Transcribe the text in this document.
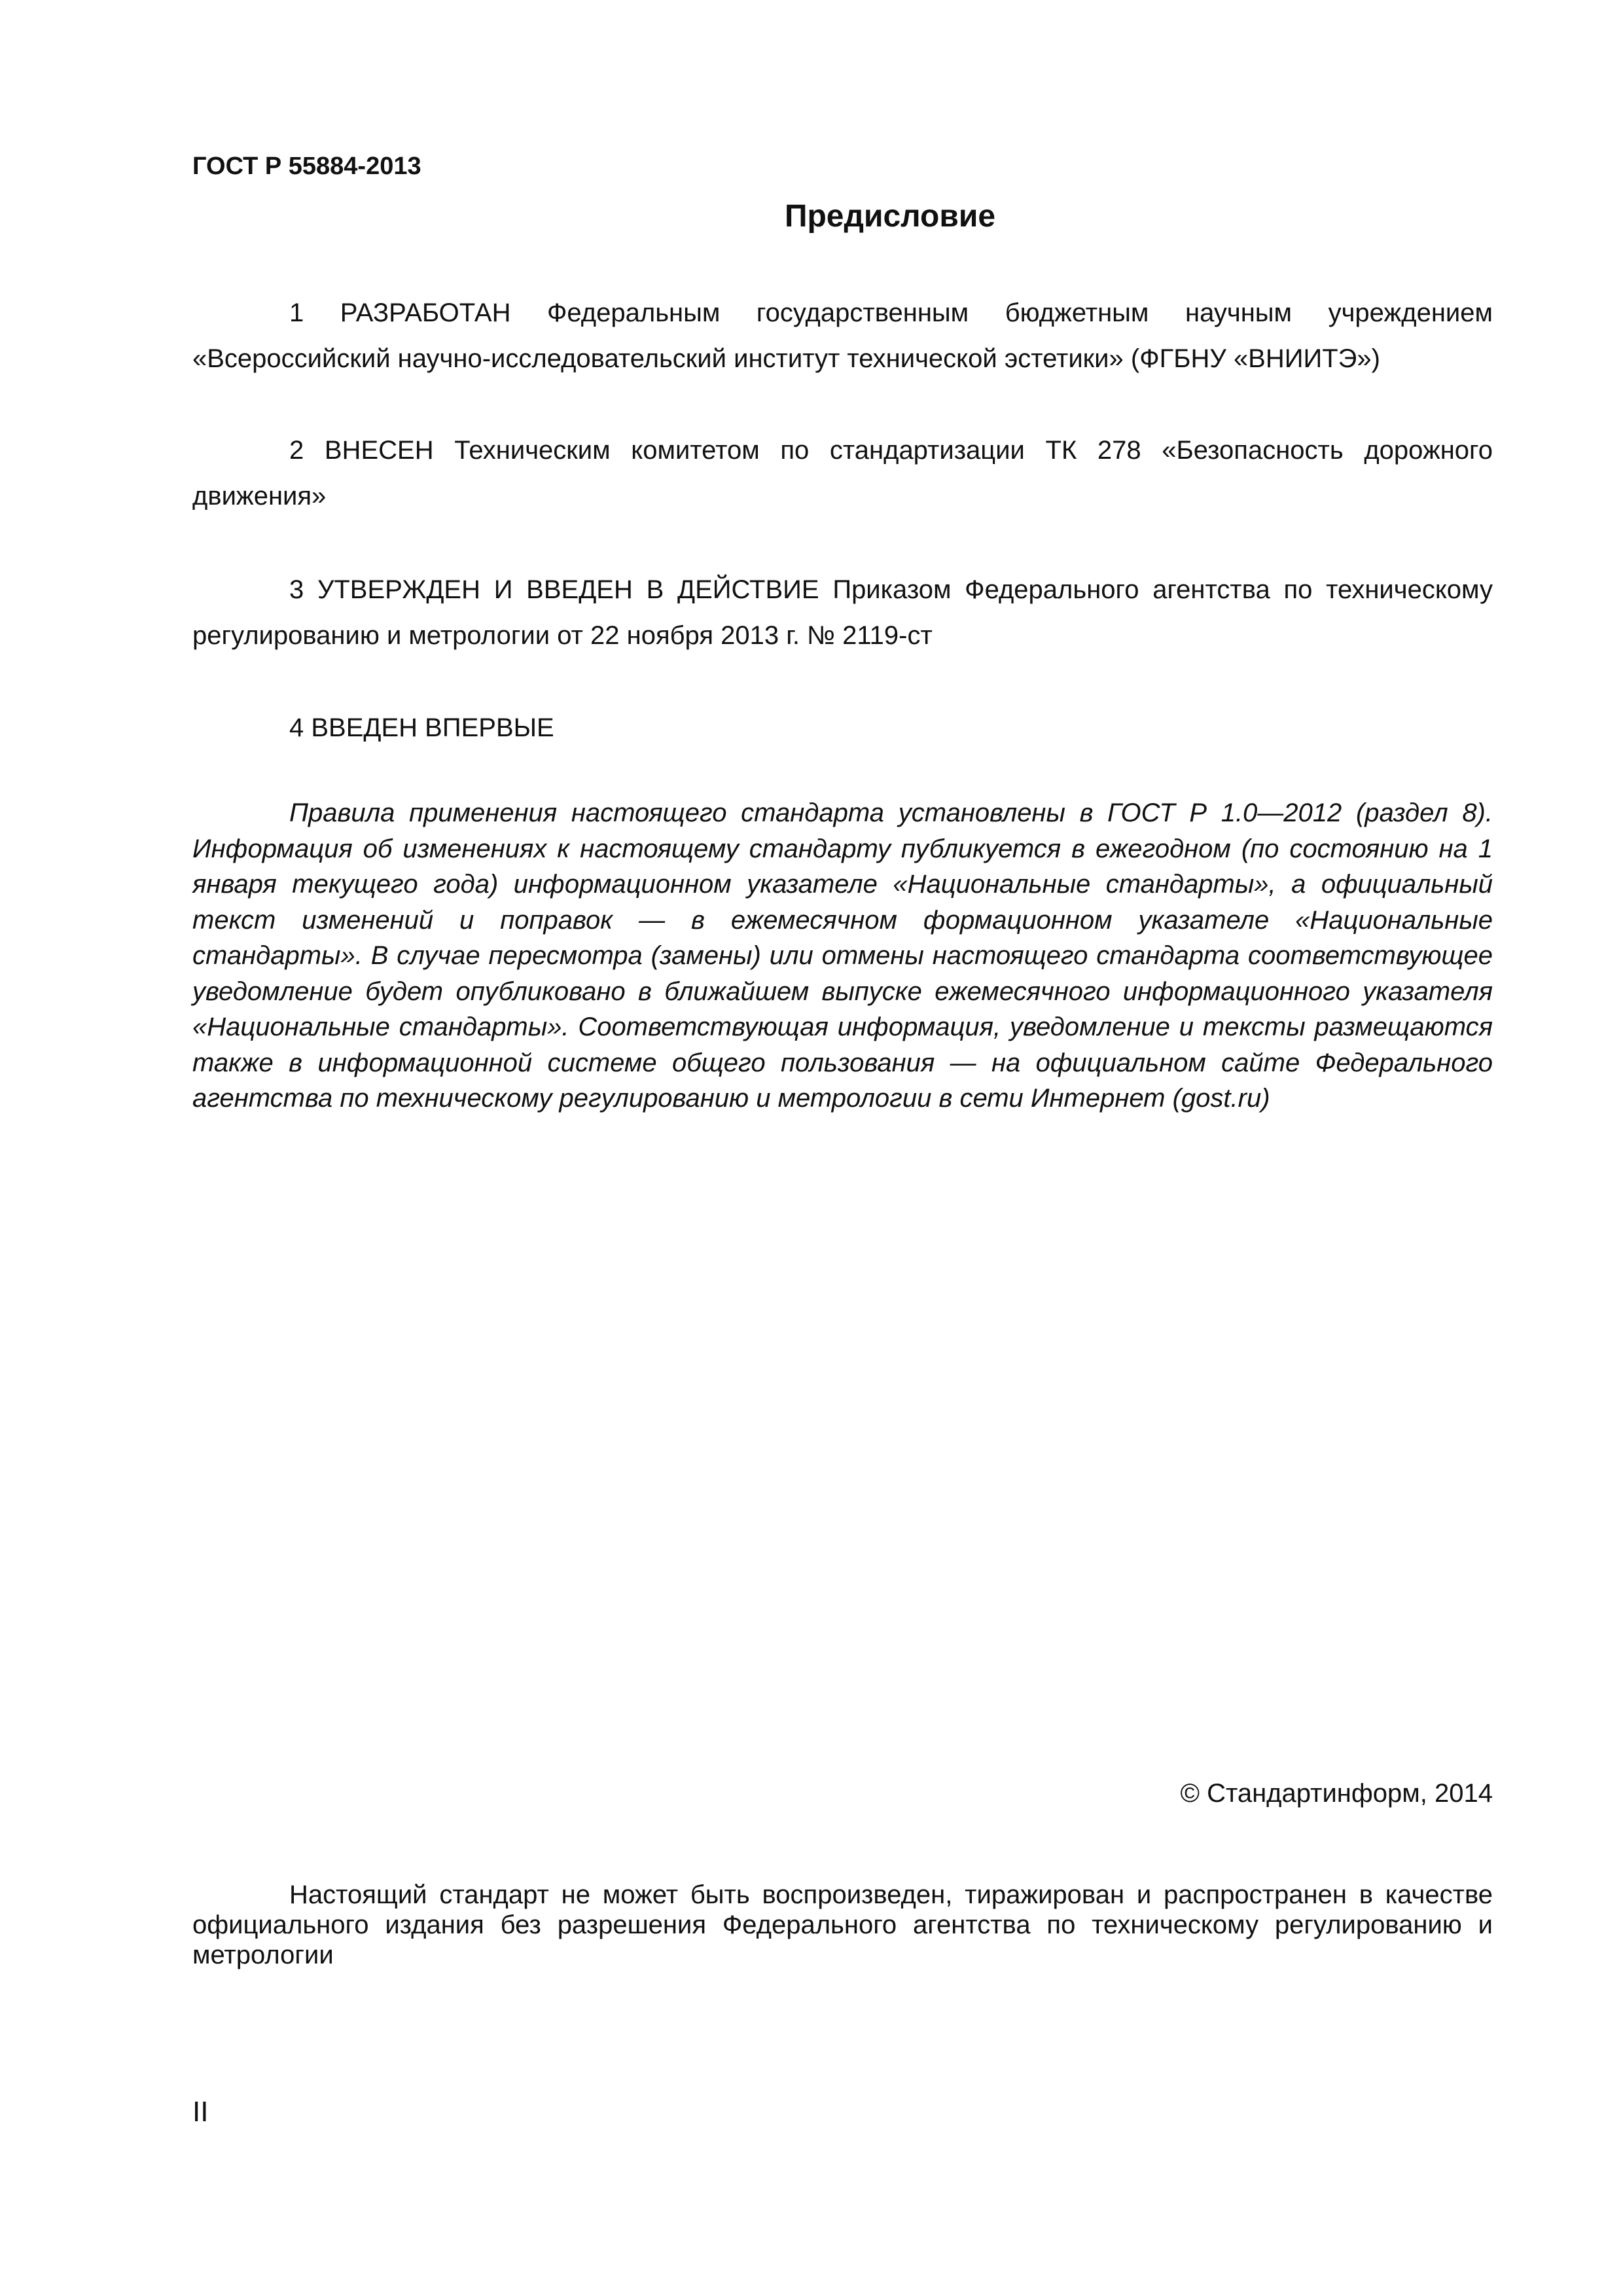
ГОСТ Р 55884-2013
Предисловие

1 РАЗРАБОТАН Федеральным государственным бюджетным научным учреждением «Всероссийский научно-исследовательский институт технической эстетики» (ФГБНУ «ВНИИТЭ»)

2 ВНЕСЕН Техническим комитетом по стандартизации ТК 278 «Безопасность дорожного движения»

3 УТВЕРЖДЕН И ВВЕДЕН В ДЕЙСТВИЕ Приказом Федерального агентства по техническому регулированию и метрологии от 22 ноября 2013 г. № 2119-ст

4 ВВЕДЕН ВПЕРВЫЕ

Правила применения настоящего стандарта установлены в ГОСТ Р 1.0—2012 (раздел 8). Информация об изменениях к настоящему стандарту публикуется в ежегодном (по состоянию на 1 января текущего года) информационном указателе «Национальные стандарты», а официальный текст изменений и поправок — в ежемесячном формационном указателе «Национальные стандарты». В случае пересмотра (замены) или отмены настоящего стандарта соответствующее уведомление будет опубликовано в ближайшем выпуске ежемесячного информационного указателя «Национальные стандарты». Соответствующая информация, уведомление и тексты размещаются также в информационной системе общего пользования — на официальном сайте Федерального агентства по техническому регулированию и метрологии в сети Интернет (gost.ru)

© Стандартинформ, 2014

Настоящий стандарт не может быть воспроизведен, тиражирован и распространен в качестве официального издания без разрешения Федерального агентства по техническому регулированию и метрологии

II
